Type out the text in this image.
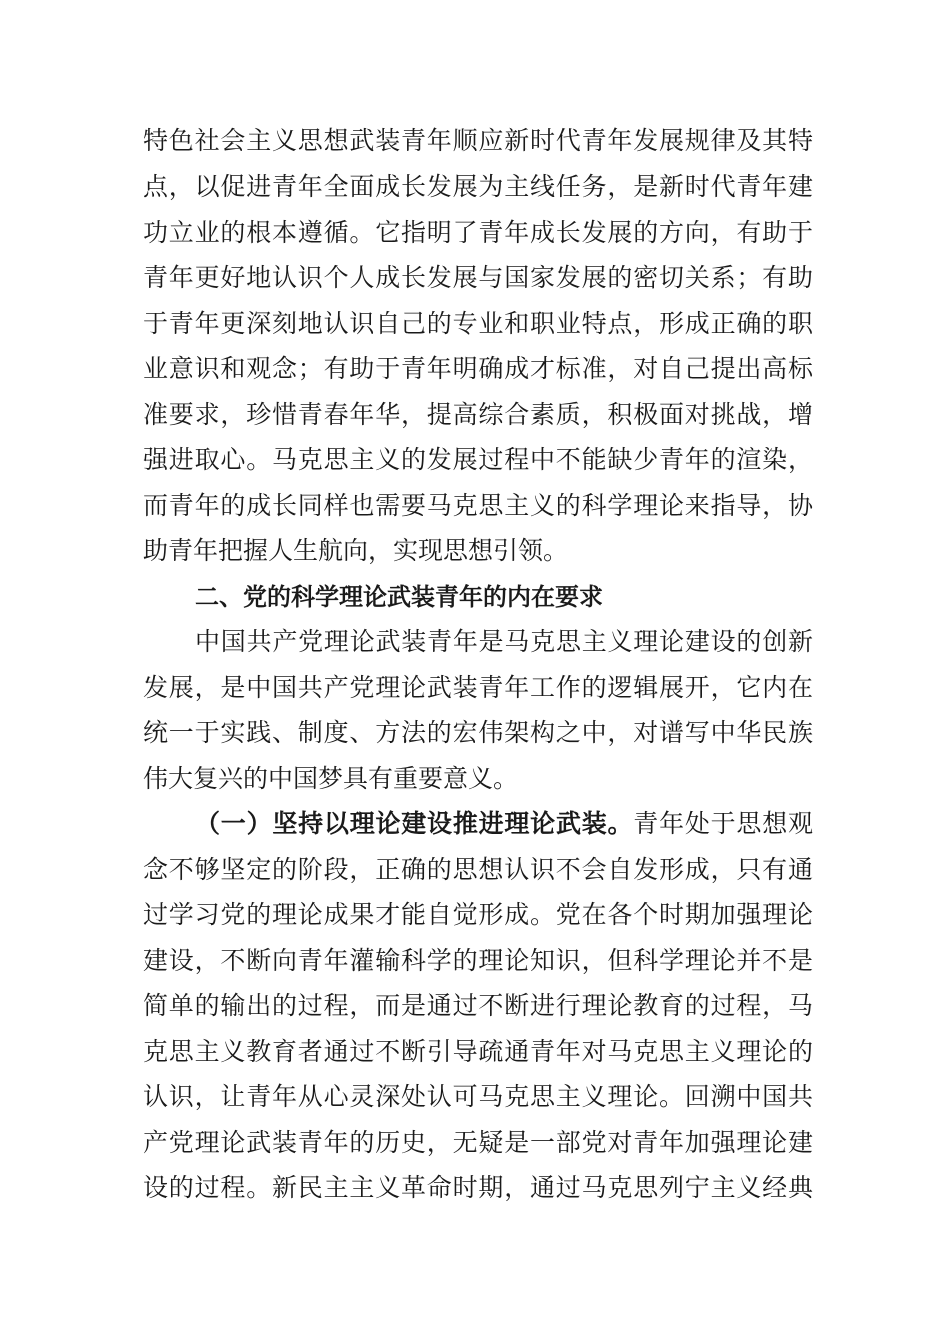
特色社会主义思想武装青年顺应新时代青年发展规律及其特
点，以促进青年全面成长发展为主线任务，是新时代青年建
功立业的根本遵循。它指明了青年成长发展的方向，有助于
青年更好地认识个人成长发展与国家发展的密切关系；有助
于青年更深刻地认识自己的专业和职业特点，形成正确的职
业意识和观念；有助于青年明确成才标准，对自己提出高标
准要求，珍惜青春年华，提高综合素质，积极面对挑战，增
强进取心。马克思主义的发展过程中不能缺少青年的渲染，
而青年的成长同样也需要马克思主义的科学理论来指导，协
助青年把握人生航向，实现思想引领。
二、党的科学理论武装青年的内在要求
中国共产党理论武装青年是马克思主义理论建设的创新
发展，是中国共产党理论武装青年工作的逻辑展开，它内在
统一于实践、制度、方法的宏伟架构之中，对谱写中华民族
伟大复兴的中国梦具有重要意义。
（一）坚持以理论建设推进理论武装。青年处于思想观
念不够坚定的阶段，正确的思想认识不会自发形成，只有通
过学习党的理论成果才能自觉形成。党在各个时期加强理论
建设，不断向青年灌输科学的理论知识，但科学理论并不是
简单的输出的过程，而是通过不断进行理论教育的过程，马
克思主义教育者通过不断引导疏通青年对马克思主义理论的
认识，让青年从心灵深处认可马克思主义理论。回溯中国共
产党理论武装青年的历史，无疑是一部党对青年加强理论建
设的过程。新民主主义革命时期，通过马克思列宁主义经典
